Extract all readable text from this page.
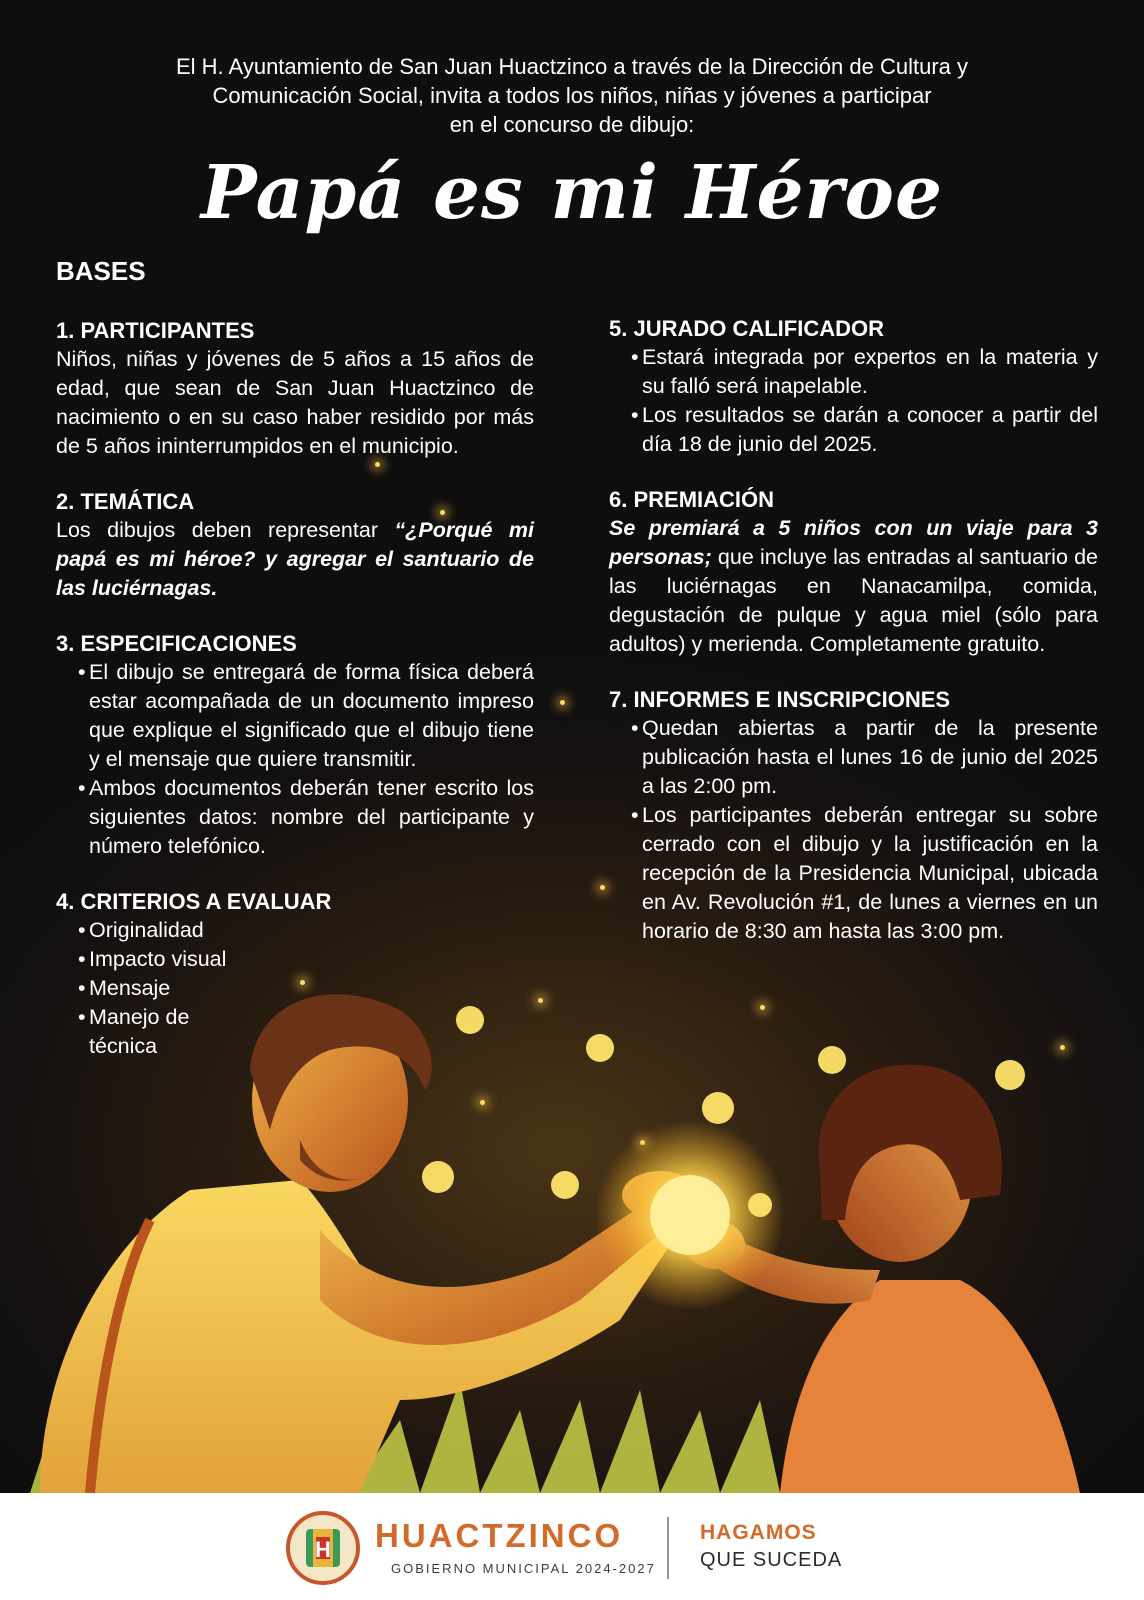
El H. Ayuntamiento de San Juan Huactzinco a través de la Dirección de Cultura y
Comunicación Social, invita a todos los niños, niñas y jóvenes a participar
en el concurso de dibujo:
Papá es mi Héroe
BASES
1. PARTICIPANTES
Niños, niñas y jóvenes de 5 años a 15 años de edad, que sean de San Juan Huactzinco de nacimiento o en su caso haber residido por más de 5 años ininterrumpidos en el municipio.
2. TEMÁTICA
Los dibujos deben representar “¿Porqué mi papá es mi héroe? y agregar el santuario de las luciérnagas.
3. ESPECIFICACIONES
• El dibujo se entregará de forma física deberá estar acompañada de un documento impreso que explique el significado que el dibujo tiene y el mensaje que quiere transmitir.
• Ambos documentos deberán tener escrito los siguientes datos: nombre del participante y número telefónico.
4. CRITERIOS A EVALUAR
• Originalidad
• Impacto visual
• Mensaje
• Manejo de técnica
5. JURADO CALIFICADOR
• Estará integrada por expertos en la materia y su falló será inapelable.
• Los resultados se darán a conocer a partir del día 18 de junio del 2025.
6. PREMIACIÓN
Se premiará a 5 niños con un viaje para 3 personas; que incluye las entradas al santuario de las luciérnagas en Nanacamilpa, comida, degustación de pulque y agua miel (sólo para adultos) y merienda. Completamente gratuito.
7. INFORMES E INSCRIPCIONES
• Quedan abiertas a partir de la presente publicación hasta el lunes 16 de junio del 2025 a las 2:00 pm.
• Los participantes deberán entregar su sobre cerrado con el dibujo y la justificación en la recepción de la Presidencia Municipal, ubicada en Av. Revolución #1, de lunes a viernes en un horario de 8:30 am hasta las 3:00 pm.
H HUACTZINCO
GOBIERNO MUNICIPAL 2024-2027
HAGAMOS
QUE SUCEDA
